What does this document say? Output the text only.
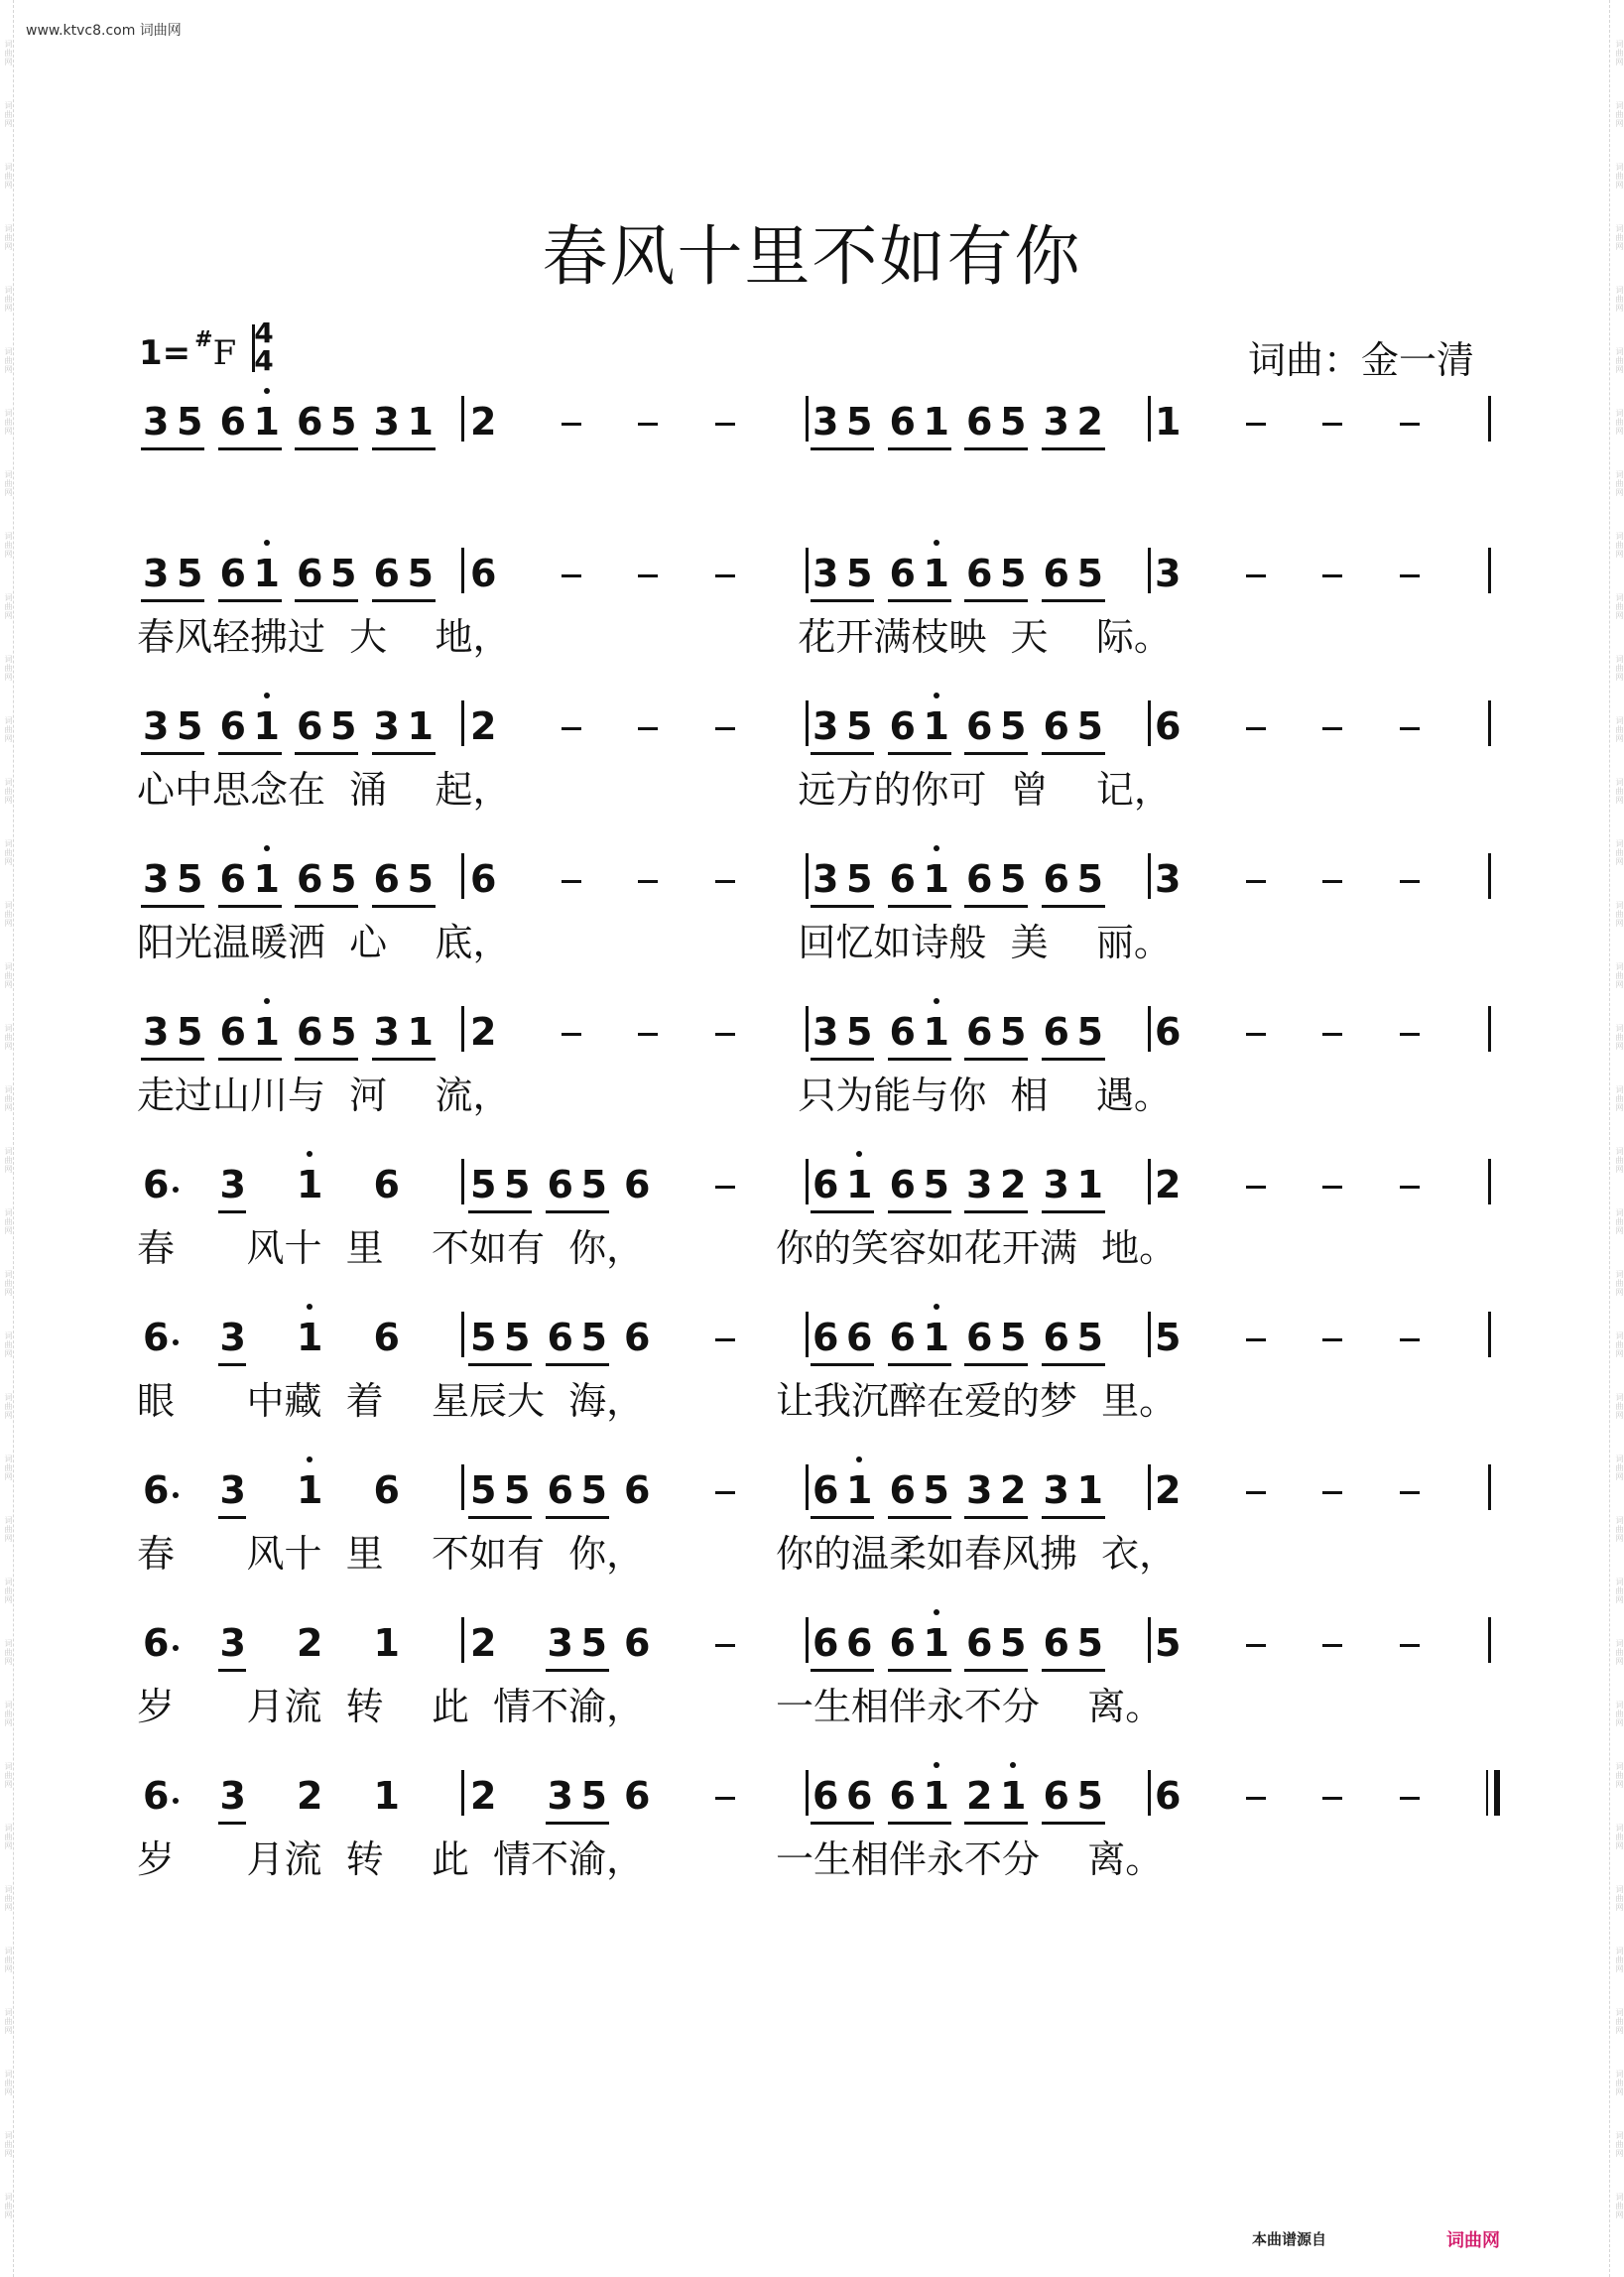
词曲网
词曲网
词曲网
词曲网
词曲网
词曲网
词曲网
词曲网
词曲网
词曲网
词曲网
词曲网
词曲网
词曲网
词曲网
词曲网
词曲网
词曲网
词曲网
词曲网
词曲网
词曲网
词曲网
词曲网
词曲网
词曲网
词曲网
词曲网
词曲网
词曲网
词曲网
词曲网
词曲网
词曲网
词曲网
词曲网
词曲网
词曲网
词曲网
词曲网
词曲网
词曲网
词曲网
词曲网
词曲网
词曲网
词曲网
词曲网
词曲网
词曲网
词曲网
词曲网
词曲网
词曲网
词曲网
词曲网
词曲网
词曲网
词曲网
词曲网
词曲网
词曲网
词曲网
词曲网
词曲网
词曲网
词曲网
词曲网
词曲网
词曲网
词曲网
词曲网
www.ktvc8.com 词曲网
春风十里不如有你
1= #F
4
4	词曲：金一清
3 5 6 1 6 5 3 1 2	3 5 6 1 6 5 3 2 1
3 5 6 1 6 5 6 5 6	3 5 6 1 6 5 6 5 3
春风轻拂过  大    地，                        花开满枝映  天    际。
3 5 6 1 6 5 3 1 2	3 5 6 1 6 5 6 5 6
心中思念在  涌    起，                        远方的你可  曾    记，
3 5 6 1 6 5 6 5 6	3 5 6 1 6 5 6 5 3
阳光温暖洒  心    底，                        回忆如诗般  美    丽。
3 5 6 1 6 5 3 1 2	3 5 6 1 6 5 6 5 6
走过山川与  河    流，                        只为能与你  相    遇。
6 3 1 6 5 5 6 5 6	6 1 6 5 3 2 3 1 2
春      风十  里    不如有  你，           你的笑容如花开满  地。
6 3 1 6 5 5 6 5 6	6 6 6 1 6 5 6 5 5
眼      中藏  着    星辰大  海，           让我沉醉在爱的梦  里。
6 3 1 6 5 5 6 5 6	6 1 6 5 3 2 3 1 2
春      风十  里    不如有  你，           你的温柔如春风拂  衣，
6 3 2 1 2 3 5 6	6 6 6 1 6 5 6 5 5
岁      月流  转    此  情不渝，           一生相伴永不分    离。
6 3 2 1 2 3 5 6	6 6 6 1 2 1 6 5 6
岁      月流  转    此  情不渝，           一生相伴永不分    离。
本曲谱源自	词曲网
